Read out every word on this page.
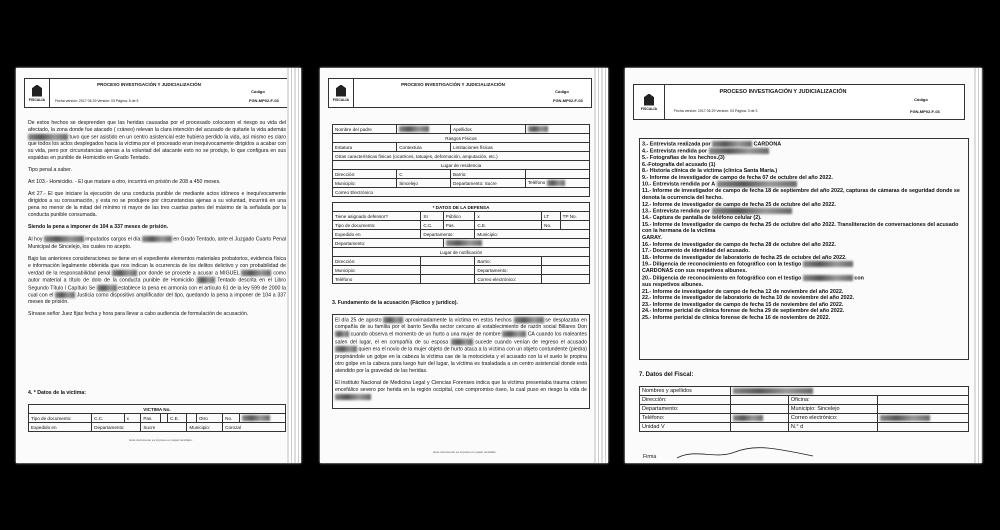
FISCALÍA
PROCESO INVESTIGACIÓN Y JUDICIALIZACIÓN
Código
FGN-MP02-F-03
Fecha versión: 2017 06 29 Versión: 03 Página: 5 de 5

De estos hechos se desprenden que las heridas causadas por el procesado colocaron el riesgo su vida del afectado, la zona donde fue atacado ( cráneo) relevan la clara intención del acusado de quitarle la vida además  tuvo que ser asistido en un centro asistencial este hubiera perdido la vida, así mismo es claro que todos los actos desplegados hacia la víctima por el procesado eran inequívocamente dirigidos a acabar con su vida, pero por circunstancias ajenas a la voluntad del atacante esto no se produjo, lo que configura en sus espaldas en punible de Homicidio en Grado Tentado.

Tipo penal a saber.

Art 103.- Homicidio. - El que matare a otro, incurrirá en prisión de 208 a 450 meses.

Art 27.- El que iniciare la ejecución de una conducta punible de mediante actos idóneos e inequívocamente dirigidos a su consumación, y esta no se produjere por circunstancias ajenas a su voluntad, incurrirá en una pena no menor de la mitad del mínimo ni mayor de las tres cuartas partes del máximo de la señalada por la conducta punible consumada.

Siendo la pena a imponer de 104 a 337 meses de prisión.

Al hoy	imputados cargos el día	en Grado Tentado, ante el Juzgado Cuarto Penal Municipal de Sincelejo, los cuales no acepto.

Bajo las anteriores consideraciones se tiene en el expediente elementos materiales probatorios, evidencia física e información legalmente obtenida que nos indican la ocurrencia de los delitos delictivo y con probabilidad de verdad de la responsabilidad penal	por donde se procede a acusar a MIGUEL	como autor material a título de dolo de la conducta punible de Homicidio	Tentado descrita en el Libro Segundo Título I Capítulo Se	establece la pena en armonía con el artículo 61 de la ley 599 de 2000 la cual con el	Justicia como dispositivo amplificador del tipo, quedando la pena a imponer de 104 a 337 meses de prisión.

Sírvase señor Juez fijas fecha y hora para llevar a cabo audiencia de formulación de acusación.

4. * Datos de la víctima:
VICTIMA No.									
Tipo de documento:	C.C.	x	Pas.		C.E.		Otro	No.	
Expedido en	Departamento:		Sucre			Municipio:		Corozal	
Este documento es impreso en papel reciclado.
FISCALÍA
PROCESO INVESTIGACIÓN Y JUDICIALIZACIÓN
Código
FGN-MP02-F-03
Nombre del padre		Apellidos	
Rasgos Físicos			
Estatura	Contextura	Limitaciones físicas	
Otras características físicas (cicatrices, tatuajes, deformación, amputación, etc.)			
Lugar de residencia			
Dirección:	C	Barrio:	
Municipio:	Sincelejo	Departamento: Sucre	Teléfono
Correo Electrónico			
* DATOS DE LA DEFENSA					
Tiene asignado defensor?	SI	Público	x	LT	TP No.
Tipo de documento:	C.C.	Pas.	C.E.	No.	
Expedido en	Departamento:		Municipio:		
Departamento:					
Lugar de notificación					
Dirección:			Barrio:		
Municipio:			Departamento:		
Teléfono			Correo electrónico:		
3. Fundamento de la acusación (Fáctico y jurídico).

El día 25 de agosto	aproximadamente la víctima en estos hechos	se desplazaba en compañía de su familia por el barrio Sevilla sector cercano al establecimiento de razón social Billares Don  cuando observa el momento de un hurto a una mujer de nombre	CA cuando los maleantes salen del lugar, el en compañía de su esposa	sucede cuando venían de regreso el acusado  quien era el novio de la mujer objeto de hurto ataca a la víctima con un objeto contundente (piedra) propinándole un golpe en la cabeza la víctima cae de la motocicleta y el acusado con la el suelo le propina otro golpe en la cabeza para luego huir del lugar, la víctima es trasladada a un centro asistencial donde está atendido por la gravedad de las heridas.

El instituto Nacional de Medicina Legal y Ciencias Forenses indica que la víctima presentaba trauma cráneo encefálico severo por herida en la región occipital, con compromiso óseo, la cual puso en riesgo la vida de

Este documento es impreso en papel reciclado.
FISCALÍA
PROCESO INVESTIGACIÓN Y JUDICIALIZACIÓN
Código
FGN-MP02-F-03
Fecha versión: 2017 06 29 Versión: 03 Página: 3 de 3
3.- Entrevista realizada por	CARDONA
4.- Entrevista rendida por
5.- Fotografías de los hechos.(3)
6.-Fotografía del acusado (1)
8.- Historia clínica de la víctima (clínica Santa María.)
9.- Informe de investigador de campo de fecha 07 de octubre del año 2022.
10.- Entrevista rendida por A
11.- Informe de investigador de campo de fecha 18 de septiembre del año 2022, capturas de cámaras de seguridad donde se denota la ocurrencia del hecho.
12.- Informe de investigador de campo de fecha 25 de octubre del año 2022.
13.- Entrevista rendida por
14.- Captura de pantalla de teléfono celular (2).
15.- Informe de Investigador de campo de fecha 25 de octubre del año 2022. Transliteración de conversaciones del acusado con la hermana de la víctima
GARAY.
16.- Informe de investigador de campo de fecha 28 de octubre del año 2022.
17.- Documento de identidad del acusado.
18.- Informe de investigador de laboratorio de fecha 25 de octubre del año 2022.
19.- Diligencia de reconocimiento en fotográfico con la testigo
CARDONAS con sus respetivos albunes.
20.- Diligencia de reconocimiento en fotográfico con el testigo	con
sus respetivos albunes.
21.- Informe de investigador de campo de fecha 12 de noviembre del año 2022.
22.- Informe de investigador de laboratorio de fecha 10 de noviembre del año 2022.
23.- Informe de investigador de campo de fecha 15 de noviembre del año 2022.
24.- Informe pericial de clínica forense de fecha 29 de septiembre del año 2022.
25.- Informe pericial de clínica forense de fecha 16 de noviembre de 2022.
7. Datos del Fiscal:
Nombres y apellidos			
Dirección:		Oficina:	
Departamento:		Municipio: Sincelejo	
Teléfono:		Correo electrónico:	
Unidad V		N.° d	
Firma
